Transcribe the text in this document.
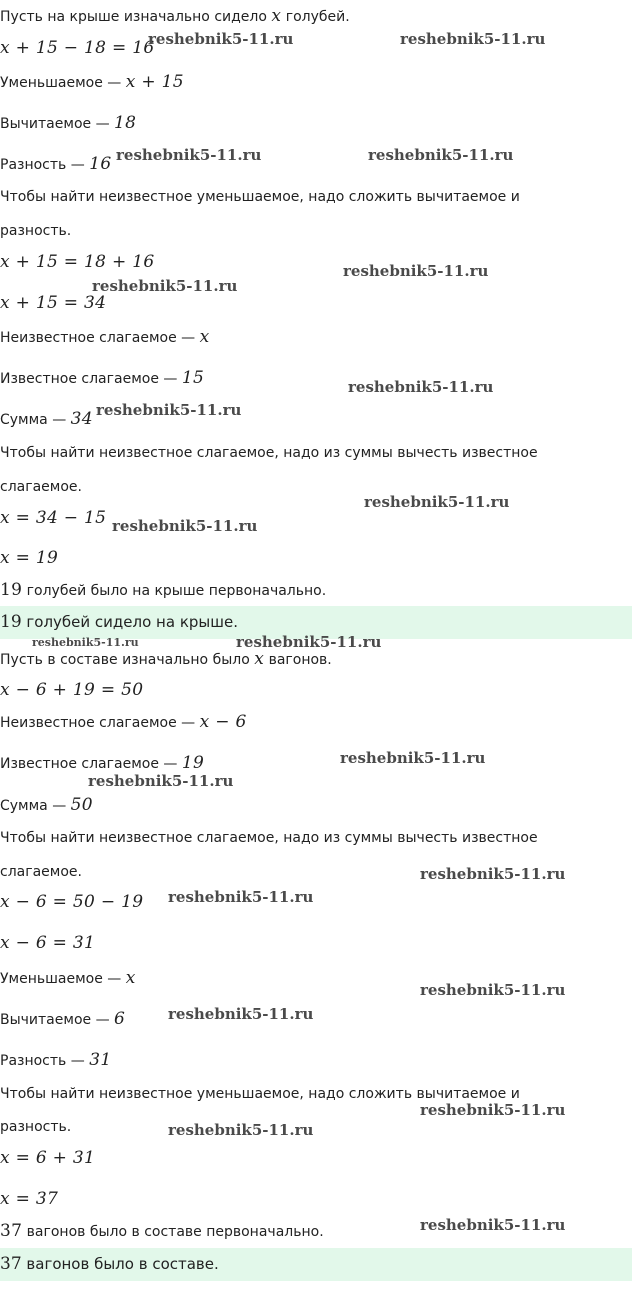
Пусть на крыше изначально сидело x голубей.
x + 15 − 18 = 16
Уменьшаемое — x + 15
Вычитаемое — 18
Разность — 16
Чтобы найти неизвестное уменьшаемое, надо сложить вычитаемое и
разность.
x + 15 = 18 + 16
x + 15 = 34
Неизвестное слагаемое — x
Известное слагаемое — 15
Сумма — 34
Чтобы найти неизвестное слагаемое, надо из суммы вычесть известное
слагаемое.
x = 34 − 15
x = 19
19 голубей было на крыше первоначально.
19 голубей сидело на крыше.
Пусть в составе изначально было x вагонов.
x − 6 + 19 = 50
Неизвестное слагаемое — x − 6
Известное слагаемое — 19
Сумма — 50
Чтобы найти неизвестное слагаемое, надо из суммы вычесть известное
слагаемое.
x − 6 = 50 − 19
x − 6 = 31
Уменьшаемое — x
Вычитаемое — 6
Разность — 31
Чтобы найти неизвестное уменьшаемое, надо сложить вычитаемое и
разность.
x = 6 + 31
x = 37
37 вагонов было в составе первоначально.
37 вагонов было в составе.
reshebnik5-11.ru	reshebnik5-11.ru
reshebnik5-11.ru	reshebnik5-11.ru
reshebnik5-11.ru
reshebnik5-11.ru
reshebnik5-11.ru
reshebnik5-11.ru
reshebnik5-11.ru
reshebnik5-11.ru
reshebnik5-11.ru	reshebnik5-11.ru
reshebnik5-11.ru
reshebnik5-11.ru
reshebnik5-11.ru
reshebnik5-11.ru
reshebnik5-11.ru
reshebnik5-11.ru
reshebnik5-11.ru
reshebnik5-11.ru
reshebnik5-11.ru
